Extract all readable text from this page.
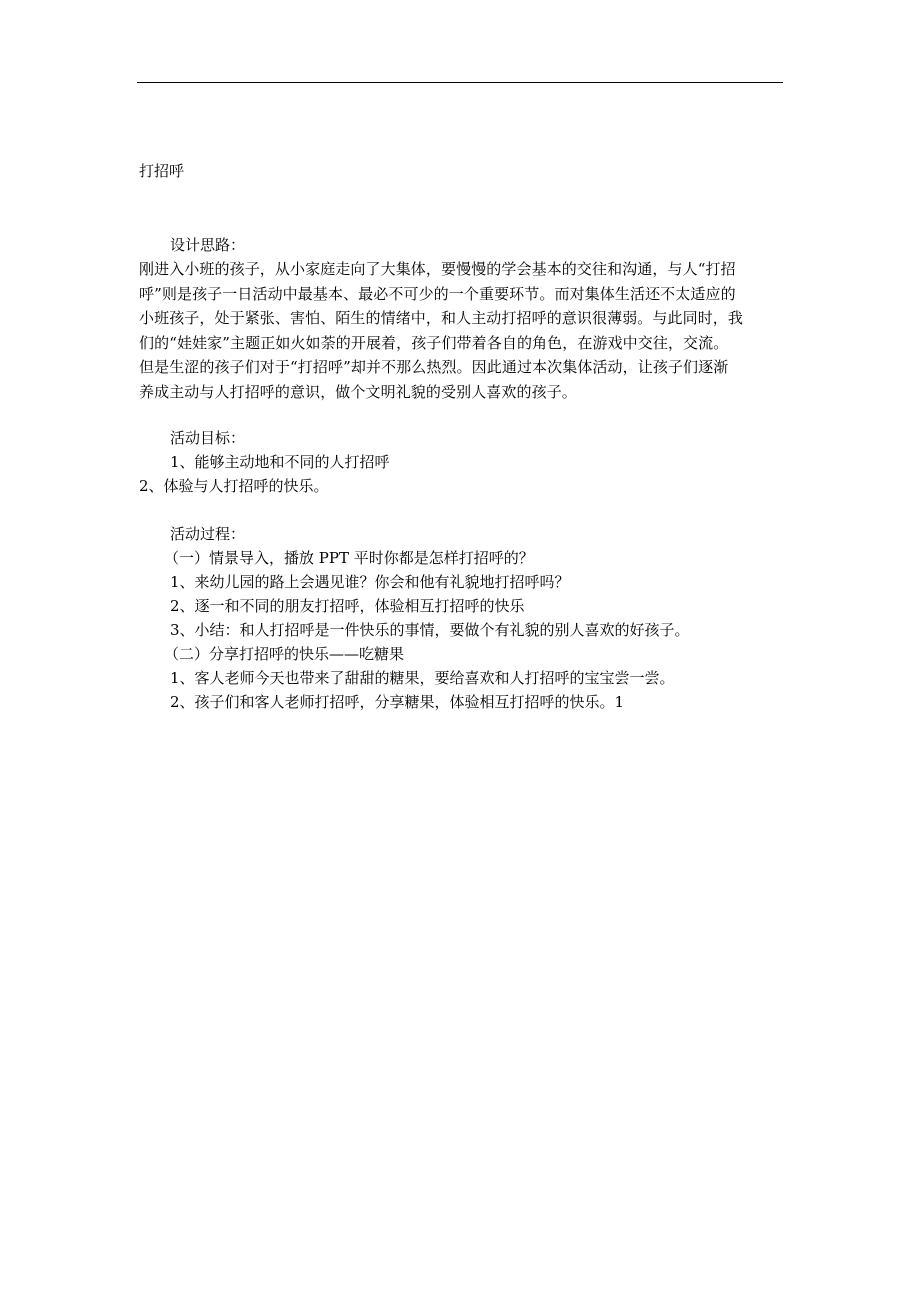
打招呼
设计思路：
刚进入小班的孩子，从小家庭走向了大集体，要慢慢的学会基本的交往和沟通，与人“打招
呼”则是孩子一日活动中最基本、最必不可少的一个重要环节。而对集体生活还不太适应的
小班孩子，处于紧张、害怕、陌生的情绪中，和人主动打招呼的意识很薄弱。与此同时，我
们的“娃娃家”主题正如火如荼的开展着，孩子们带着各自的角色，在游戏中交往，交流。
但是生涩的孩子们对于“打招呼”却并不那么热烈。因此通过本次集体活动，让孩子们逐渐
养成主动与人打招呼的意识，做个文明礼貌的受别人喜欢的孩子。
活动目标：
1、能够主动地和不同的人打招呼
2、体验与人打招呼的快乐。
活动过程：
（一）情景导入，播放 PPT 平时你都是怎样打招呼的？
1、来幼儿园的路上会遇见谁？你会和他有礼貌地打招呼吗？
2、逐一和不同的朋友打招呼，体验相互打招呼的快乐
3、小结：和人打招呼是一件快乐的事情，要做个有礼貌的别人喜欢的好孩子。
（二）分享打招呼的快乐——吃糖果
1、客人老师今天也带来了甜甜的糖果，要给喜欢和人打招呼的宝宝尝一尝。
2、孩子们和客人老师打招呼，分享糖果，体验相互打招呼的快乐。1
